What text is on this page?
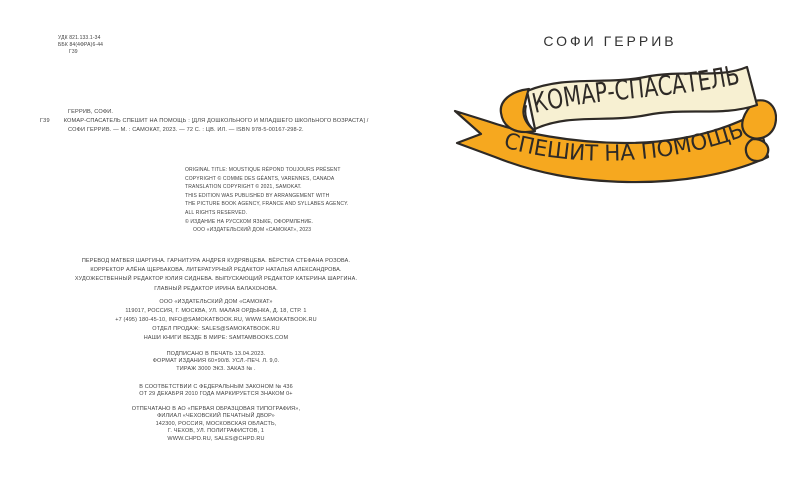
УДК 821.133.1-34
ББК 84(4ФРА)6-44
Г39
ГЕРРИВ, СОФИ.
Г39	КОМАР-СПАСАТЕЛЬ СПЕШИТ НА ПОМОЩЬ : [ДЛЯ ДОШКОЛЬНОГО И МЛАДШЕГО ШКОЛЬНОГО ВОЗРАСТА] /
СОФИ ГЕРРИВ. — М. : САМОКАТ, 2023. — 72 С. : ЦВ. ИЛ. — ISBN 978-5-00167-298-2.
ORIGINAL TITLE: MOUSTIQUE RÉPOND TOUJOURS PRÉSENT
COPYRIGHT © COMME DES GÉANTS, VARENNES, CANADA
TRANSLATION COPYRIGHT © 2021, SAMOKAT.
THIS EDITION WAS PUBLISHED BY ARRANGEMENT WITH
THE PICTURE BOOK AGENCY, FRANCE AND SYLLABES AGENCY.
ALL RIGHTS RESERVED.
© ИЗДАНИЕ НА РУССКОМ ЯЗЫКЕ, ОФОРМЛЕНИЕ.
ООО «ИЗДАТЕЛЬСКИЙ ДОМ «САМОКАТ», 2023
ПЕРЕВОД МАТВЕЯ ШАРГИНА. ГАРНИТУРА АНДРЕЯ КУДРЯВЦЕВА. ВЁРСТКА СТЕФАНА РОЗОВА.
КОРРЕКТОР АЛЁНА ЩЕРБАКОВА. ЛИТЕРАТУРНЫЙ РЕДАКТОР НАТАЛЬЯ АЛЕКСАНДРОВА.
ХУДОЖЕСТВЕННЫЙ РЕДАКТОР ЮЛИЯ СИДНЕВА. ВЫПУСКАЮЩИЙ РЕДАКТОР КАТЕРИНА ШАРГИНА.
ГЛАВНЫЙ РЕДАКТОР ИРИНА БАЛАХОНОВА.
ООО «ИЗДАТЕЛЬСКИЙ ДОМ «САМОКАТ»
119017, РОССИЯ, Г. МОСКВА, УЛ. МАЛАЯ ОРДЫНКА, Д. 18, СТР. 1
+7 (495) 180-45-10, INFO@SAMOKATBOOK.RU, WWW.SAMOKATBOOK.RU
ОТДЕЛ ПРОДАЖ: SALES@SAMOKATBOOK.RU
НАШИ КНИГИ ВЕЗДЕ В МИРЕ: SAMTAMBOOKS.COM
ПОДПИСАНО В ПЕЧАТЬ 13.04.2023.
ФОРМАТ ИЗДАНИЯ 60×90/8. УСЛ.-ПЕЧ. Л. 9,0.
ТИРАЖ 3000 ЭКЗ. ЗАКАЗ № .
В СООТВЕТСТВИИ С ФЕДЕРАЛЬНЫМ ЗАКОНОМ № 436
ОТ 29 ДЕКАБРЯ 2010 ГОДА МАРКИРУЕТСЯ ЗНАКОМ 0+
ОТПЕЧАТАНО В АО «ПЕРВАЯ ОБРАЗЦОВАЯ ТИПОГРАФИЯ»,
ФИЛИАЛ «ЧЕХОВСКИЙ ПЕЧАТНЫЙ ДВОР»
142300, РОССИЯ, МОСКОВСКАЯ ОБЛАСТЬ,
Г. ЧЕХОВ, УЛ. ПОЛИГРАФИСТОВ, 1
WWW.CHPD.RU, SALES@CHPD.RU
СОФИ ГЕРРИВ
КОМАР-СПАСАТЕЛЬ
СПЕШИТ НА ПОМОЩЬ
